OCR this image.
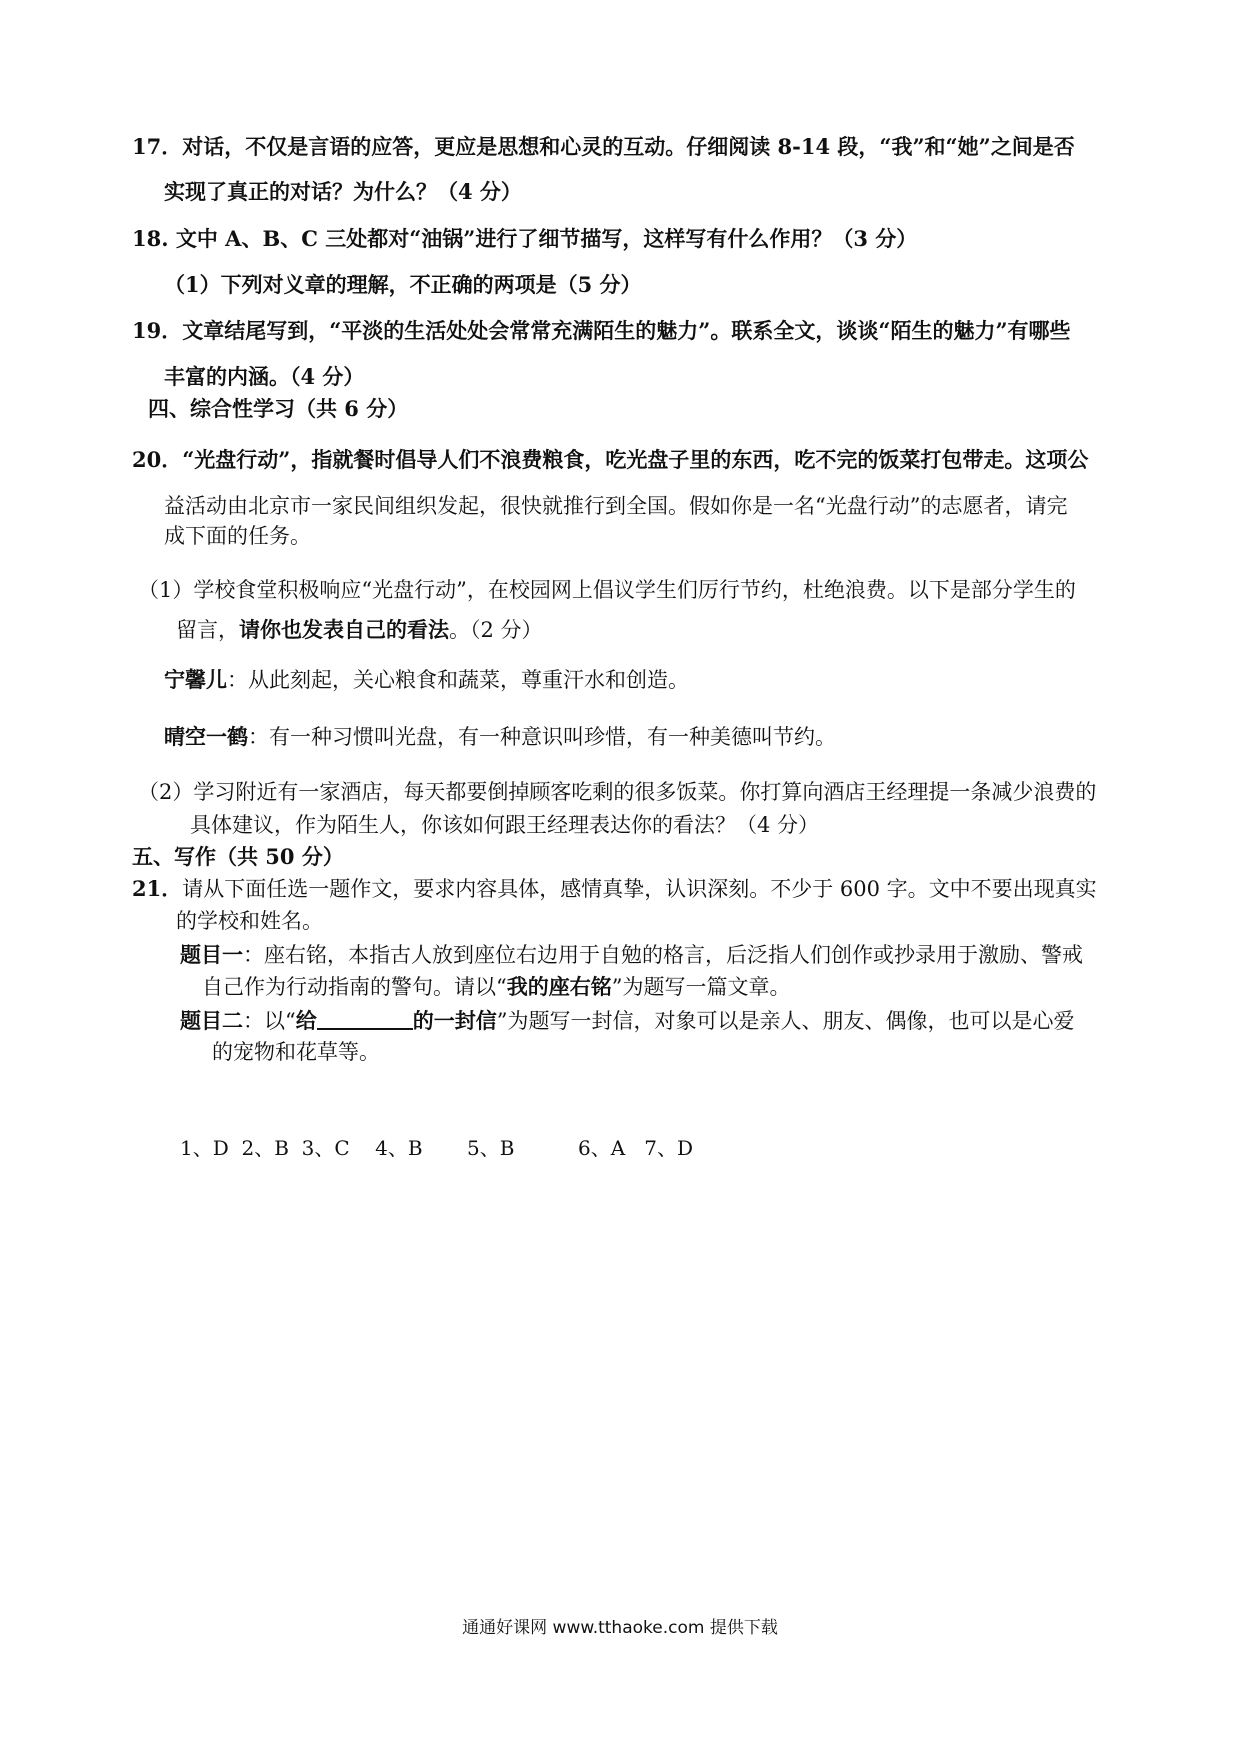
17．对话，不仅是言语的应答，更应是思想和心灵的互动。仔细阅读 8-14 段，“我”和“她”之间是否
实现了真正的对话？为什么？（4 分）
18. 文中 A、B、C 三处都对“油锅”进行了细节描写，这样写有什么作用？（3 分）
（1）下列对义章的理解，不正确的两项是（5 分）
19．文章结尾写到，“平淡的生活处处会常常充满陌生的魅力”。联系全文，谈谈“陌生的魅力”有哪些
丰富的内涵。（4 分）
四、综合性学习（共 6 分）
20．“光盘行动”，指就餐时倡导人们不浪费粮食，吃光盘子里的东西，吃不完的饭菜打包带走。这项公
益活动由北京市一家民间组织发起，很快就推行到全国。假如你是一名“光盘行动”的志愿者，请完
成下面的任务。
（1）学校食堂积极响应“光盘行动”，在校园网上倡议学生们厉行节约，杜绝浪费。以下是部分学生的
留言，请你也发表自己的看法。（2 分）
宁馨儿：从此刻起，关心粮食和蔬菜，尊重汗水和创造。
晴空一鹤：有一种习惯叫光盘，有一种意识叫珍惜，有一种美德叫节约。
（2）学习附近有一家酒店，每天都要倒掉顾客吃剩的很多饭菜。你打算向酒店王经理提一条减少浪费的
具体建议，作为陌生人，你该如何跟王经理表达你的看法？（4 分）
五、写作（共 50 分）
21．请从下面任选一题作文，要求内容具体，感情真挚，认识深刻。不少于 600 字。文中不要出现真实
的学校和姓名。
题目一：座右铭，本指古人放到座位右边用于自勉的格言，后泛指人们创作或抄录用于激励、警戒
自己作为行动指南的警句。请以“我的座右铭”为题写一篇文章。
题目二：以“给	的一封信”为题写一封信，对象可以是亲人、朋友、偶像，也可以是心爱
的宠物和花草等。
1、D 2、B 3、C 4、B 5、B	6、A 7、D
通通好课网 www.tthaoke.com 提供下载
